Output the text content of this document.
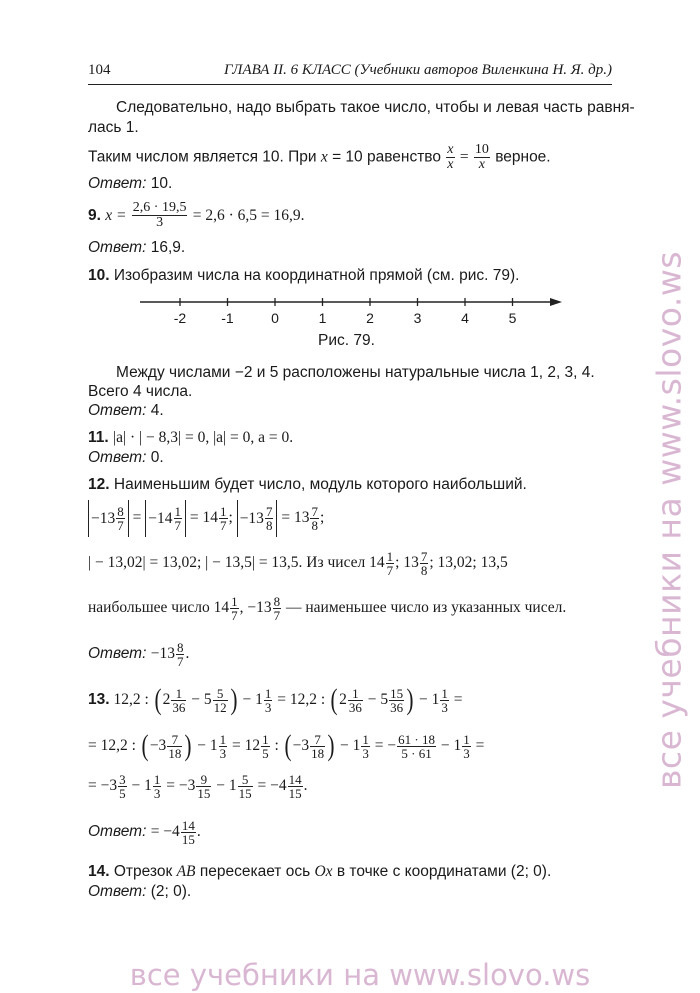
104	ГЛАВА II. 6 КЛАСС (Учебники авторов Виленкина Н. Я. др.)
Следовательно, надо выбрать такое число, чтобы и левая часть равня-
лась 1.
Таким числом является 10. При x = 10 равенство $\frac{x}{x} = \frac{10}{x}$ верное.
Ответ: 10.
9. $x = \frac{2,6 \cdot 19,5}{3} = 2,6 \cdot 6,5 = 16,9$.
Ответ: 16,9.
10. Изобразим числа на координатной прямой (см. рис. 79).
-2	-1	0	1	2	3	4	5
Рис. 79.
Между числами −2 и 5 расположены натуральные числа 1, 2, 3, 4.
Всего 4 числа.
Ответ: 4.
11. |a| · | − 8,3| = 0, |a| = 0, a = 0.
Ответ: 0.
12. Наименьшим будет число, модуль которого наибольший.
$-13 \frac{8}{7} = -14 \frac{1}{7} = 14 \frac{1}{7}$ ; $-13 \frac{7}{8} = 13 \frac{7}{8}$ ;
| − 13,02| = 13,02; | − 13,5| = 13,5. Из чисел $14 \frac{1}{7}$ ; $13 \frac{7}{8}$ ; 13,02; 13,5
наибольшее число $14 \frac{1}{7}$ , $-13 \frac{8}{7}$ — наименьшее число из указанных чисел.
Ответ: $-13 \frac{8}{7}$ .
13. 12,2 : ($2 \frac{1}{36} - 5 \frac{5}{12}$ ) − $1 \frac{1}{3} = 12,2$ : ($2 \frac{1}{36} - 5 \frac{15}{36}$ ) − $1 \frac{1}{3}$ =
= 12,2 : ($-3 \frac{7}{18}$ ) − $1 \frac{1}{3} = 12 \frac{1}{5}$ : ($-3 \frac{7}{18}$ ) − $1 \frac{1}{3}$ = − $\frac{61 \cdot 18}{5 \cdot 61} - 1 \frac{1}{3}$ =
= $-3 \frac{3}{5} - 1 \frac{1}{3} = -3 \frac{9}{15} - 1 \frac{5}{15} = -4 \frac{14}{15}$ .
Ответ: = $-4 \frac{14}{15}$ .
14. Отрезок AB пересекает ось Ox в точке с координатами (2; 0).
Ответ: (2; 0).
все учебники на www.slovo.ws
все учебники на www.slovo.ws
